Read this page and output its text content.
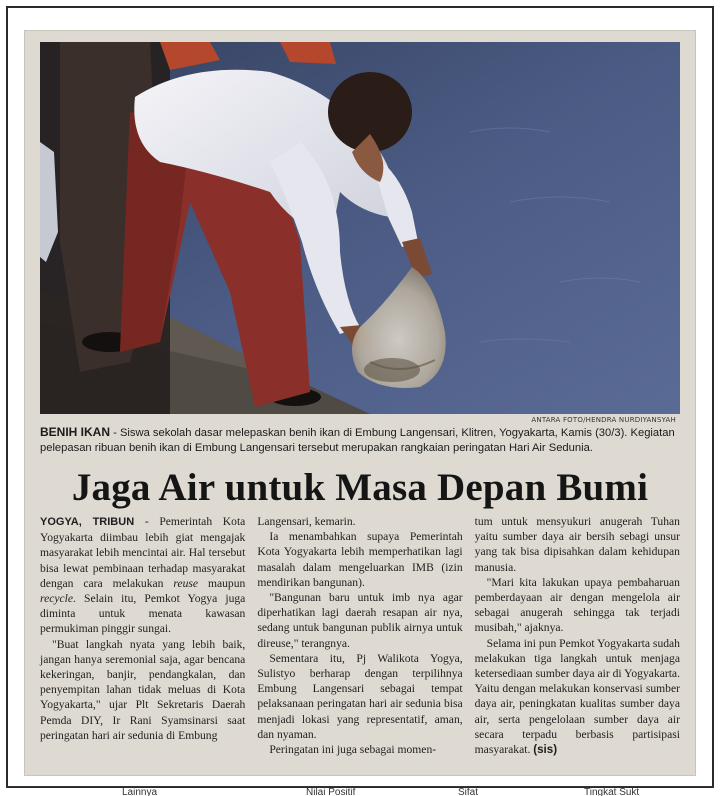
ANTARA FOTO/HENDRA NURDIYANSYAH
BENIH IKAN - Siswa sekolah dasar melepaskan benih ikan di Embung Langensari, Klitren, Yogyakarta, Kamis (30/3). Kegiatan pelepasan ribuan benih ikan di Embung Langensari tersebut merupakan rangkaian peringatan Hari Air Sedunia.
Jaga Air untuk Masa Depan Bumi

YOGYA, TRIBUN - Pemerintah Kota Yogyakarta diimbau lebih giat mengajak masyarakat lebih mencintai air. Hal tersebut bisa lewat pembinaan terhadap masyarakat dengan cara melakukan reuse maupun recycle. Selain itu, Pemkot Yogya juga diminta untuk menata kawasan permukiman pinggir sungai.

"Buat langkah nyata yang lebih baik, jangan hanya seremonial saja, agar bencana kekeringan, banjir, pendangkalan, dan penyempitan lahan tidak meluas di Kota Yogyakarta," ujar Plt Sekretaris Daerah Pemda DIY, Ir Rani Syamsinarsi saat peringatan hari air sedunia di Embung

Langensari, kemarin.

Ia menambahkan supaya Pemerintah Kota Yogyakarta lebih memperhatikan lagi masalah dalam mengeluarkan IMB (izin mendirikan bangunan).

"Bangunan baru untuk imb nya agar diperhatikan lagi daerah resapan air nya, sedang untuk bangunan publik airnya untuk direuse," terangnya.

Sementara itu, Pj Walikota Yogya, Sulistyo berharap dengan terpilihnya Embung Langensari sebagai tempat pelaksanaan peringatan hari air sedunia bisa menjadi lokasi yang representatif, aman, dan nyaman.

Peringatan ini juga sebagai momen-

tum untuk mensyukuri anugerah Tuhan yaitu sumber daya air bersih sebagi unsur yang tak bisa dipisahkan dalam kehidupan manusia.

"Mari kita lakukan upaya pembaharuan pemberdayaan air dengan mengelola air sebagai anugerah sehingga tak terjadi musibah," ajaknya.

Selama ini pun Pemkot Yogyakarta sudah melakukan tiga langkah untuk menjaga ketersediaan sumber daya air di Yogyakarta. Yaitu dengan melakukan konservasi sumber daya air, peningkatan kualitas sumber daya air, serta pengelolaan sumber daya air secara terpadu berbasis partisipasi masyarakat. (sis)

Lainnya	Nilai Positif	Sifat	Tingkat Sukt
